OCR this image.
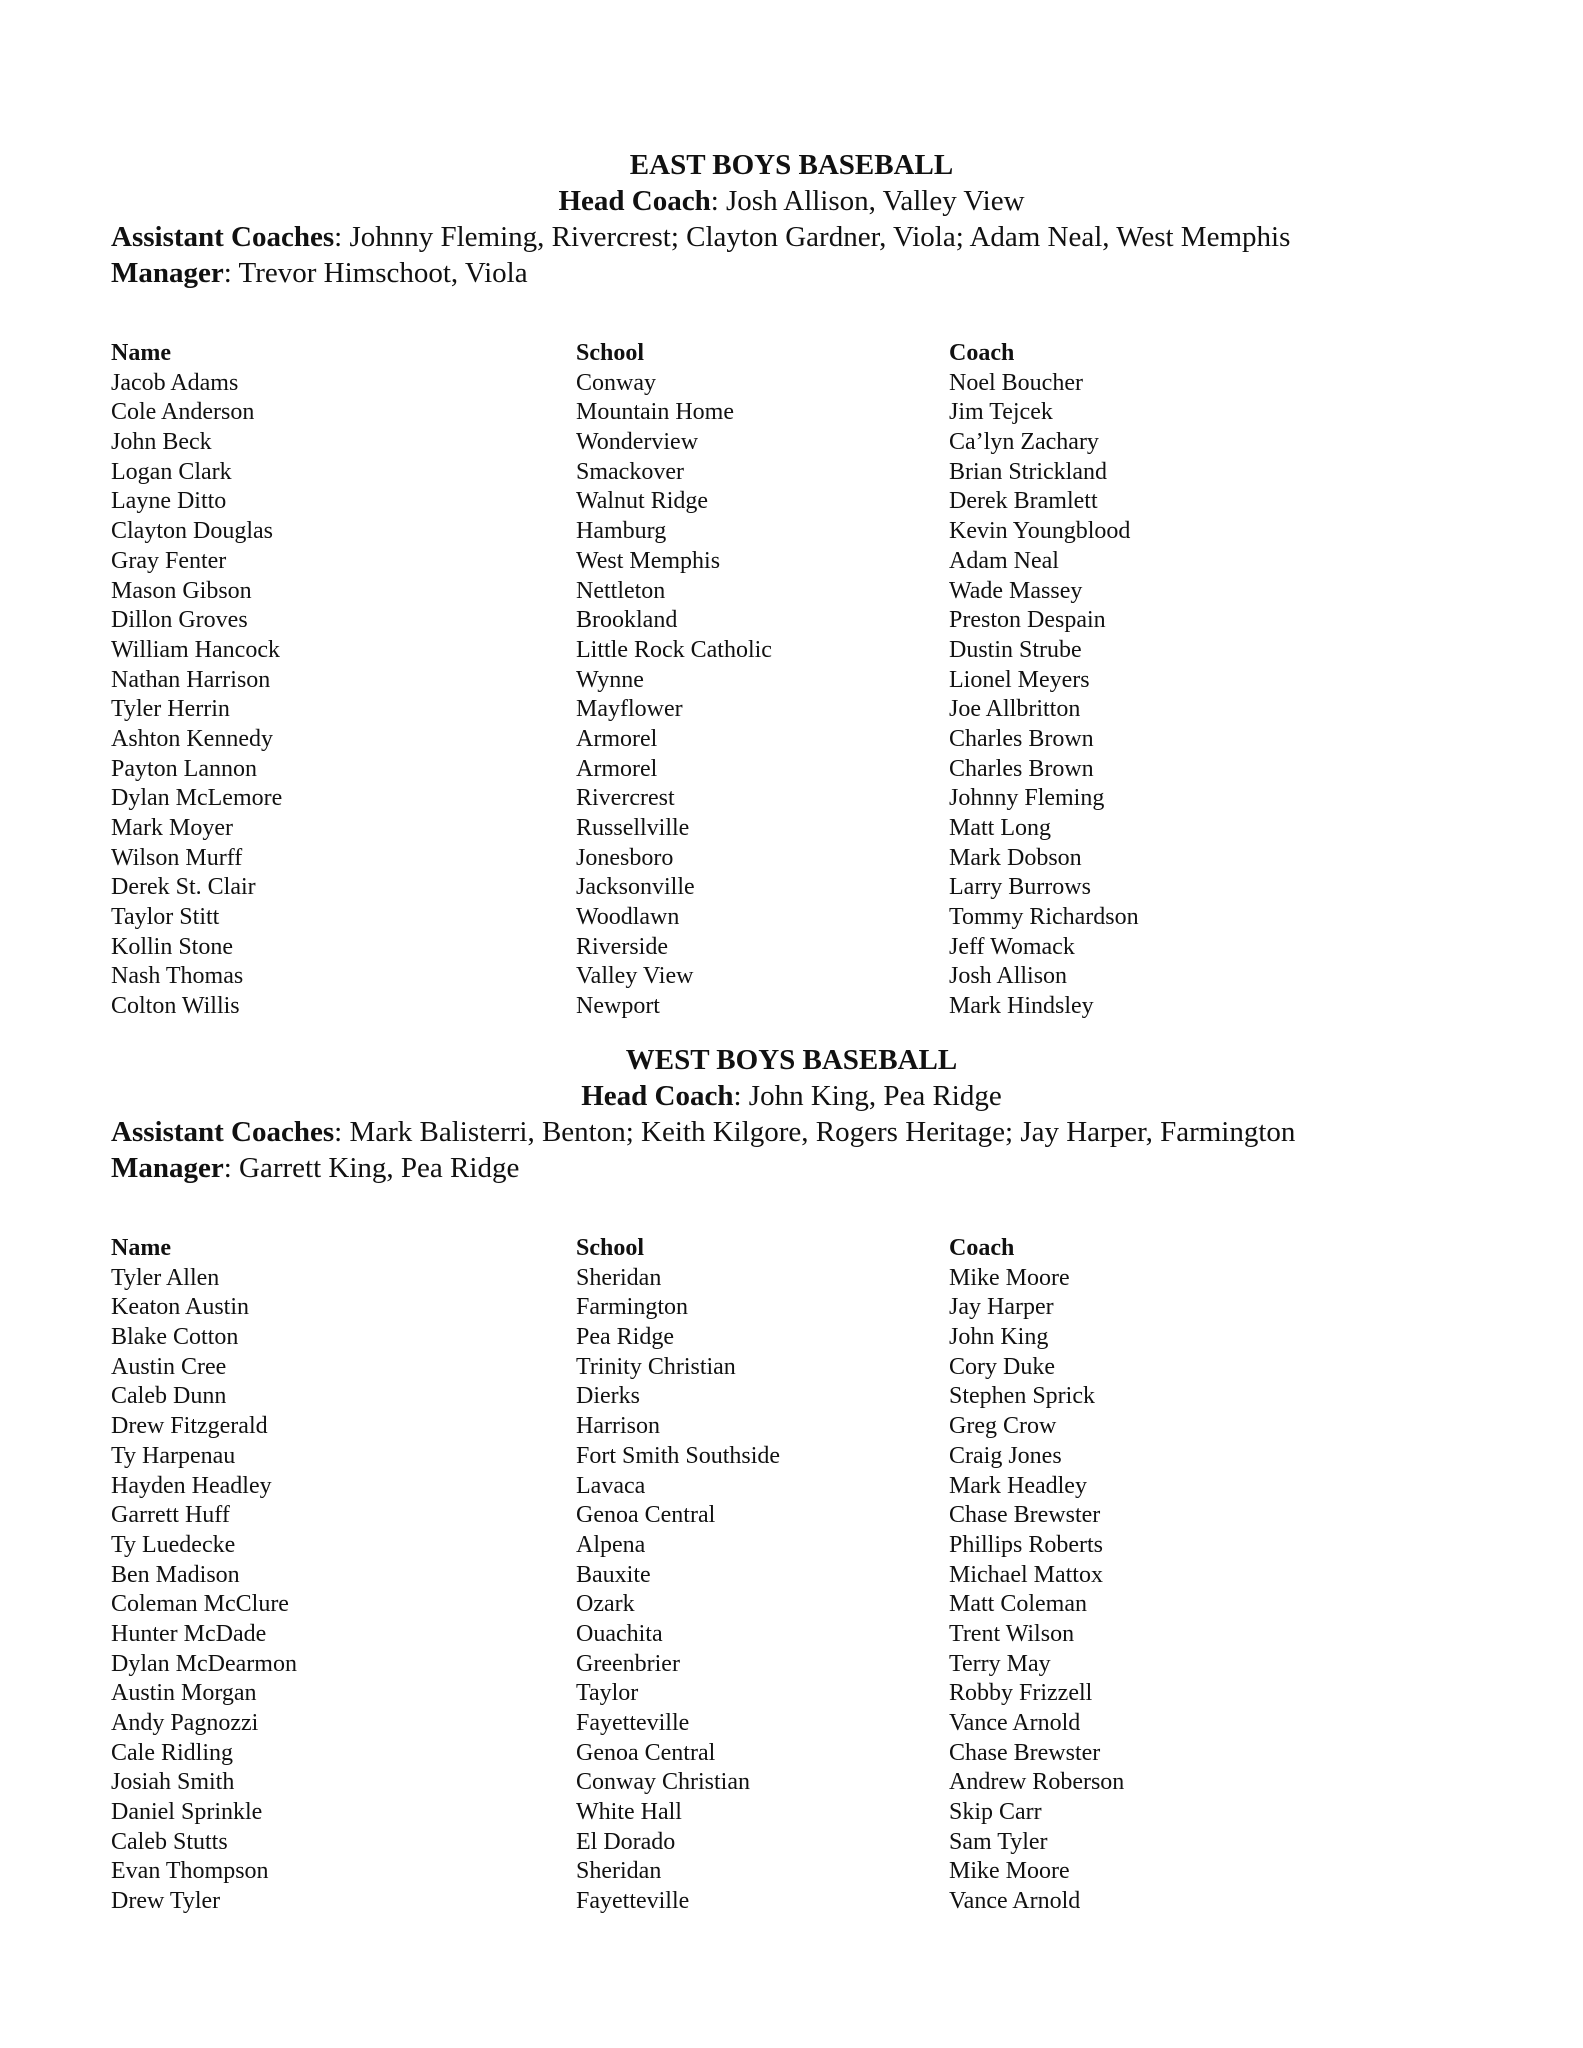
EAST BOYS BASEBALL

Head Coach: Josh Allison, Valley View

Assistant Coaches: Johnny Fleming, Rivercrest; Clayton Gardner, Viola; Adam Neal, West Memphis

Manager: Trevor Himschoot, Viola

Name
Jacob Adams
Cole Anderson
John Beck
Logan Clark
Layne Ditto
Clayton Douglas
Gray Fenter
Mason Gibson
Dillon Groves
William Hancock
Nathan Harrison
Tyler Herrin
Ashton Kennedy
Payton Lannon
Dylan McLemore
Mark Moyer
Wilson Murff
Derek St. Clair
Taylor Stitt
Kollin Stone
Nash Thomas
Colton Willis
School
Conway
Mountain Home
Wonderview
Smackover
Walnut Ridge
Hamburg
West Memphis
Nettleton
Brookland
Little Rock Catholic
Wynne
Mayflower
Armorel
Armorel
Rivercrest
Russellville
Jonesboro
Jacksonville
Woodlawn
Riverside
Valley View
Newport
Coach
Noel Boucher
Jim Tejcek
Ca’lyn Zachary
Brian Strickland
Derek Bramlett
Kevin Youngblood
Adam Neal
Wade Massey
Preston Despain
Dustin Strube
Lionel Meyers
Joe Allbritton
Charles Brown
Charles Brown
Johnny Fleming
Matt Long
Mark Dobson
Larry Burrows
Tommy Richardson
Jeff Womack
Josh Allison
Mark Hindsley

WEST BOYS BASEBALL

Head Coach: John King, Pea Ridge

Assistant Coaches: Mark Balisterri, Benton; Keith Kilgore, Rogers Heritage; Jay Harper, Farmington

Manager: Garrett King, Pea Ridge

Name
Tyler Allen
Keaton Austin
Blake Cotton
Austin Cree
Caleb Dunn
Drew Fitzgerald
Ty Harpenau
Hayden Headley
Garrett Huff
Ty Luedecke
Ben Madison
Coleman McClure
Hunter McDade
Dylan McDearmon
Austin Morgan
Andy Pagnozzi
Cale Ridling
Josiah Smith
Daniel Sprinkle
Caleb Stutts
Evan Thompson
Drew Tyler
School
Sheridan
Farmington
Pea Ridge
Trinity Christian
Dierks
Harrison
Fort Smith Southside
Lavaca
Genoa Central
Alpena
Bauxite
Ozark
Ouachita
Greenbrier
Taylor
Fayetteville
Genoa Central
Conway Christian
White Hall
El Dorado
Sheridan
Fayetteville
Coach
Mike Moore
Jay Harper
John King
Cory Duke
Stephen Sprick
Greg Crow
Craig Jones
Mark Headley
Chase Brewster
Phillips Roberts
Michael Mattox
Matt Coleman
Trent Wilson
Terry May
Robby Frizzell
Vance Arnold
Chase Brewster
Andrew Roberson
Skip Carr
Sam Tyler
Mike Moore
Vance Arnold
